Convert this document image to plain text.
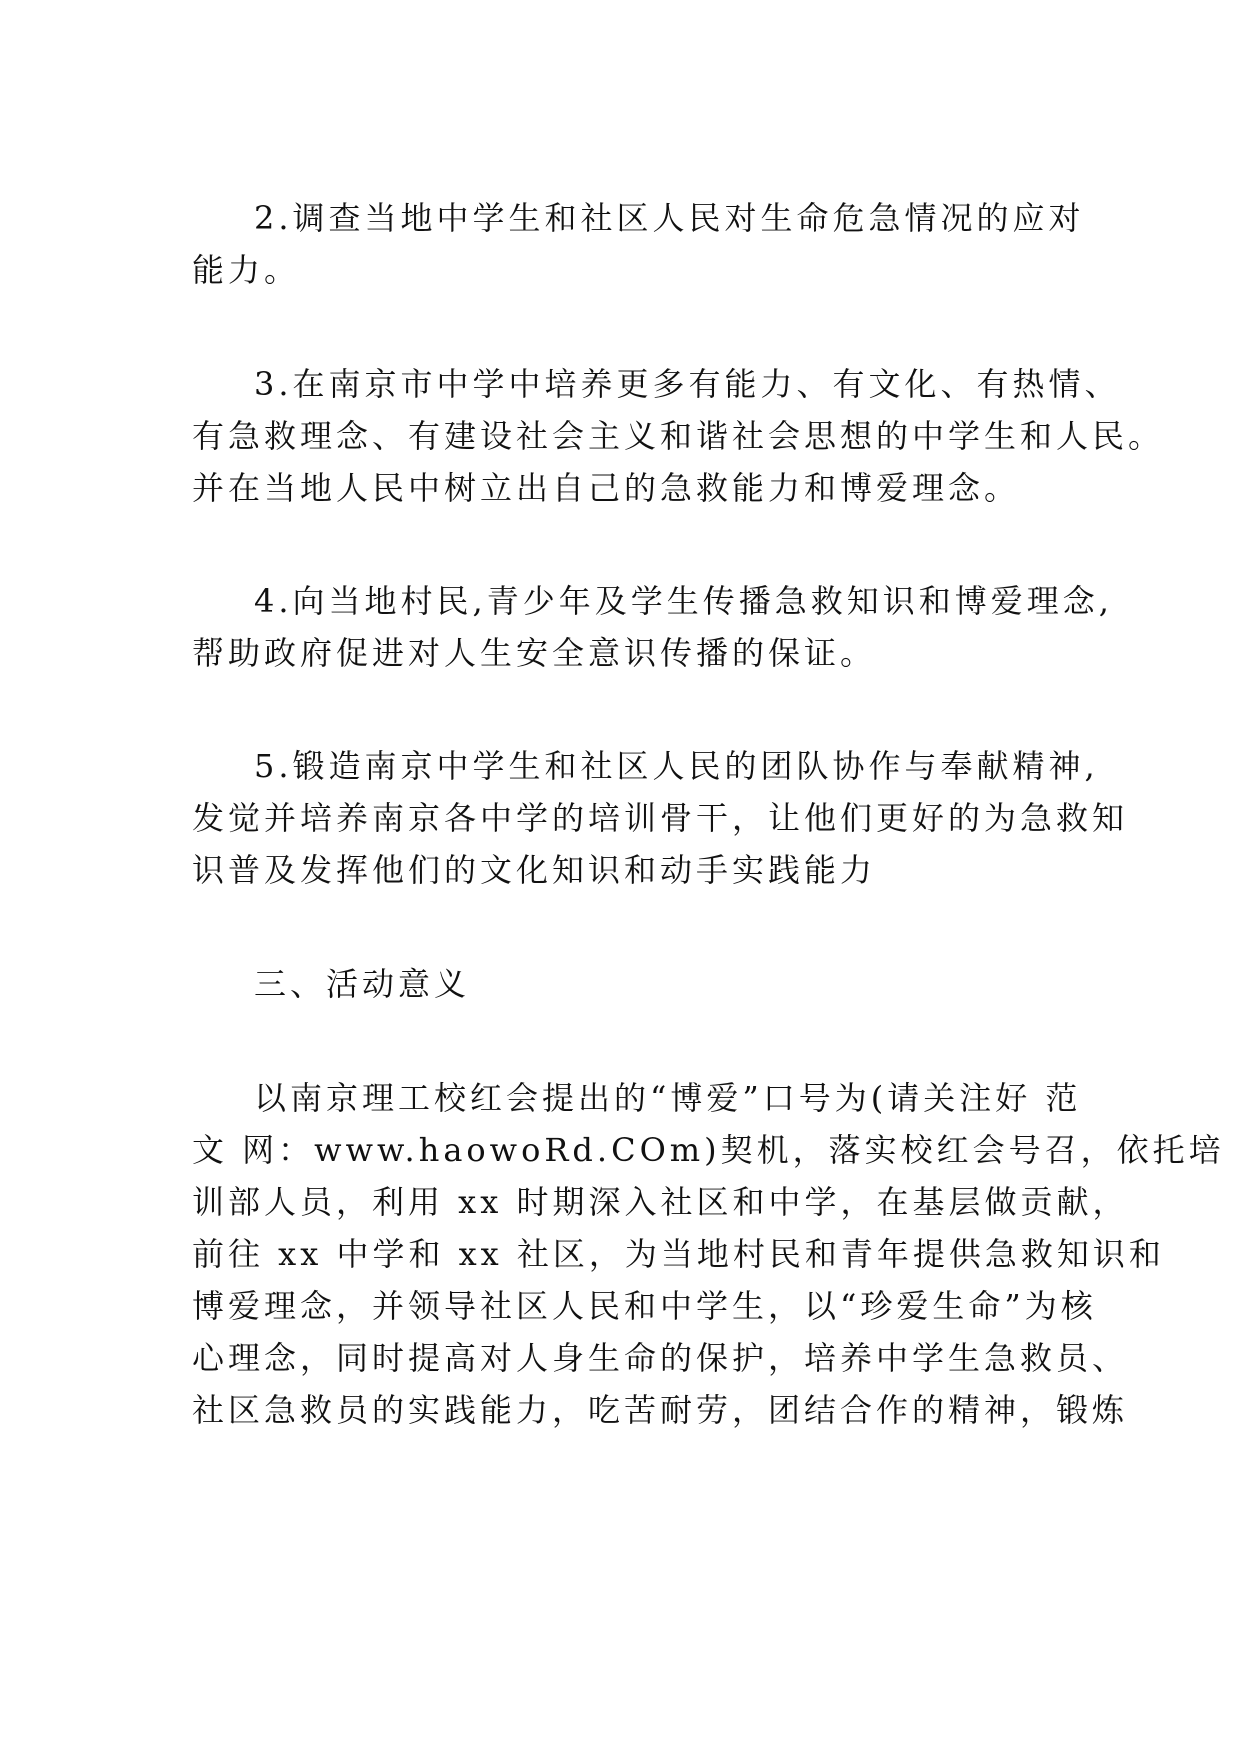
2.调查当地中学生和社区人民对生命危急情况的应对
能力。
3.在南京市中学中培养更多有能力、有文化、有热情、
有急救理念、有建设社会主义和谐社会思想的中学生和人民。
并在当地人民中树立出自己的急救能力和博爱理念。
4.向当地村民,青少年及学生传播急救知识和博爱理念,
帮助政府促进对人生安全意识传播的保证。
5.锻造南京中学生和社区人民的团队协作与奉献精神,
发觉并培养南京各中学的培训骨干，让他们更好的为急救知
识普及发挥他们的文化知识和动手实践能力
三、活动意义
以南京理工校红会提出的“博爱”口号为(请关注好 范
文 网：www.haowoRd.COm)契机，落实校红会号召，依托培
训部人员，利用 xx 时期深入社区和中学，在基层做贡献，
前往 xx 中学和 xx 社区，为当地村民和青年提供急救知识和
博爱理念，并领导社区人民和中学生，以“珍爱生命”为核
心理念，同时提高对人身生命的保护，培养中学生急救员、
社区急救员的实践能力，吃苦耐劳，团结合作的精神，锻炼
